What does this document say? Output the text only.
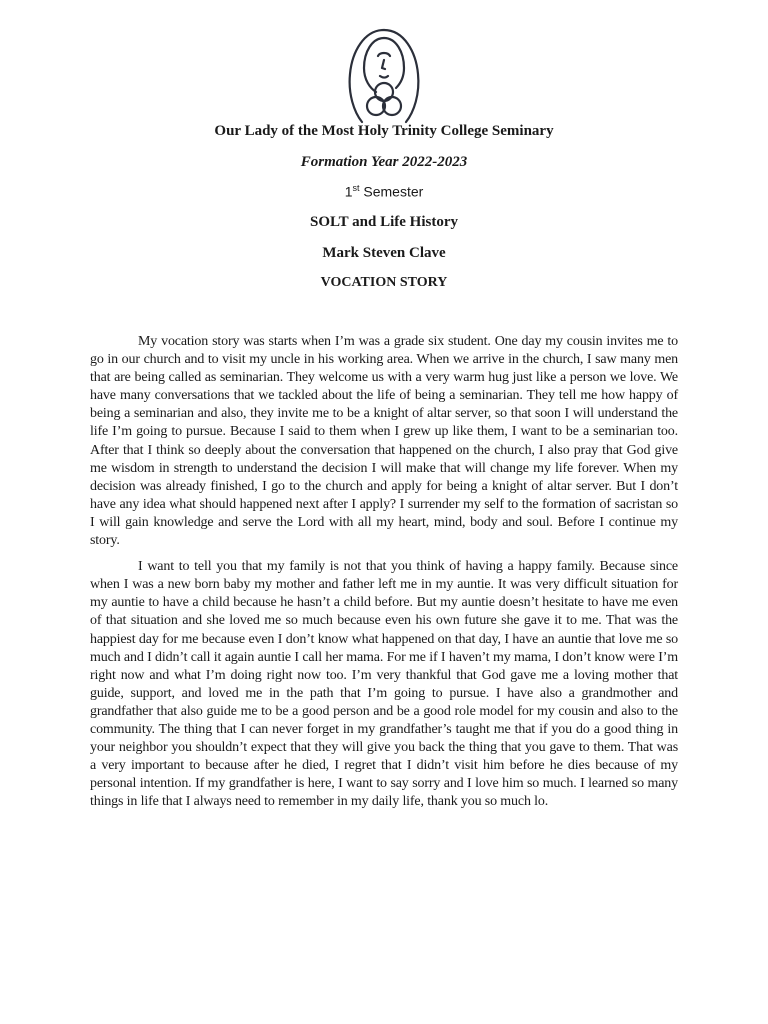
Our Lady of the Most Holy Trinity College Seminary
Formation Year 2022-2023
1st Semester
SOLT and Life History
Mark Steven Clave
VOCATION STORY

My vocation story was starts when I’m was a grade six student. One day my cousin invites me to go in our church and to visit my uncle in his working area. When we arrive in the church, I saw many men that are being called as seminarian. They welcome us with a very warm hug just like a person we love. We have many conversations that we tackled about the life of being a seminarian. They tell me how happy of being a seminarian and also, they invite me to be a knight of altar server, so that soon I will understand the life I’m going to pursue. Because I said to them when I grew up like them, I want to be a seminarian too. After that I think so deeply about the conversation that happened on the church, I also pray that God give me wisdom in strength to understand the decision I will make that will change my life forever. When my decision was already finished, I go to the church and apply for being a knight of altar server. But I don’t have any idea what should happened next after I apply? I surrender my self to the formation of sacristan so I will gain knowledge and serve the Lord with all my heart, mind, body and soul. Before I continue my story.

I want to tell you that my family is not that you think of having a happy family. Because since when I was a new born baby my mother and father left me in my auntie. It was very difficult situation for my auntie to have a child because he hasn’t a child before. But my auntie doesn’t hesitate to have me even of that situation and she loved me so much because even his own future she gave it to me. That was the happiest day for me because even I don’t know what happened on that day, I have an auntie that love me so much and I didn’t call it again auntie I call her mama. For me if I haven’t my mama, I don’t know were I’m right now and what I’m doing right now too. I’m very thankful that God gave me a loving mother that guide, support, and loved me in the path that I’m going to pursue. I have also a grandmother and grandfather that also guide me to be a good person and be a good role model for my cousin and also to the community. The thing that I can never forget in my grandfather’s taught me that if you do a good thing in your neighbor you shouldn’t expect that they will give you back the thing that you gave to them. That was a very important to because after he died, I regret that I didn’t visit him before he dies because of my personal intention. If my grandfather is here, I want to say sorry and I love him so much. I learned so many things in life that I always need to remember in my daily life, thank you so much lo.
